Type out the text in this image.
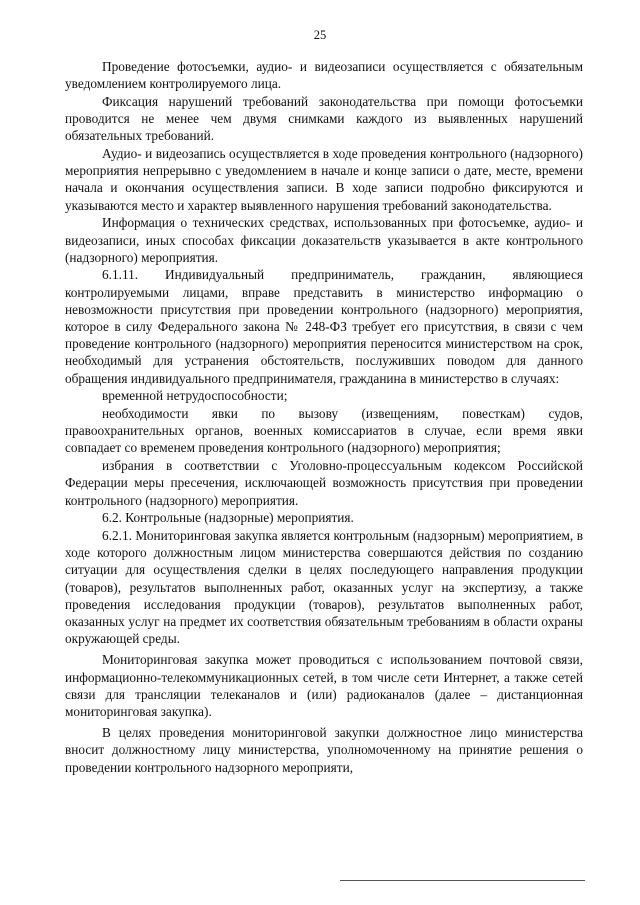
25

Проведение фотосъемки, аудио- и видеозаписи осуществляется с обязательным уведомлением контролируемого лица.

Фиксация нарушений требований законодательства при помощи фотосъемки проводится не менее чем двумя снимками каждого из выявленных нарушений обязательных требований.

Аудио- и видеозапись осуществляется в ходе проведения контрольного (надзорного) мероприятия непрерывно с уведомлением в начале и конце записи о дате, месте, времени начала и окончания осуществления записи. В ходе записи подробно фиксируются и указываются место и характер выявленного нарушения требований законодательства.

Информация о технических средствах, использованных при фотосъемке, аудио- и видеозаписи, иных способах фиксации доказательств указывается в акте контрольного (надзорного) мероприятия.

6.1.11. Индивидуальный предприниматель, гражданин, являющиеся контролируемыми лицами, вправе представить в министерство информацию о невозможности присутствия при проведении контрольного (надзорного) мероприятия, которое в силу Федерального закона № 248-ФЗ требует его присутствия, в связи с чем проведение контрольного (надзорного) мероприятия переносится министерством на срок, необходимый для устранения обстоятельств, послуживших поводом для данного обращения индивидуального предпринимателя, гражданина в министерство в случаях:

временной нетрудоспособности;

необходимости явки по вызову (извещениям, повесткам) судов, правоохранительных органов, военных комиссариатов в случае, если время явки совпадает со временем проведения контрольного (надзорного) мероприятия;

избрания в соответствии с Уголовно-процессуальным кодексом Российской Федерации меры пресечения, исключающей возможность присутствия при проведении контрольного (надзорного) мероприятия.

6.2. Контрольные (надзорные) мероприятия.

6.2.1. Мониторинговая закупка является контрольным (надзорным) мероприятием, в ходе которого должностным лицом министерства совершаются действия по созданию ситуации для осуществления сделки в целях последующего направления продукции (товаров), результатов выполненных работ, оказанных услуг на экспертизу, а также проведения исследования продукции (товаров), результатов выполненных работ, оказанных услуг на предмет их соответствия обязательным требованиям в области охраны окружающей среды.

Мониторинговая закупка может проводиться с использованием почтовой связи, информационно-телекоммуникационных сетей, в том числе сети Интернет, а также сетей связи для трансляции телеканалов и (или) радиоканалов (далее – дистанционная мониторинговая закупка).

В целях проведения мониторинговой закупки должностное лицо министерства вносит должностному лицу министерства, уполномоченному на принятие решения о проведении контрольного надзорного мероприяти,
